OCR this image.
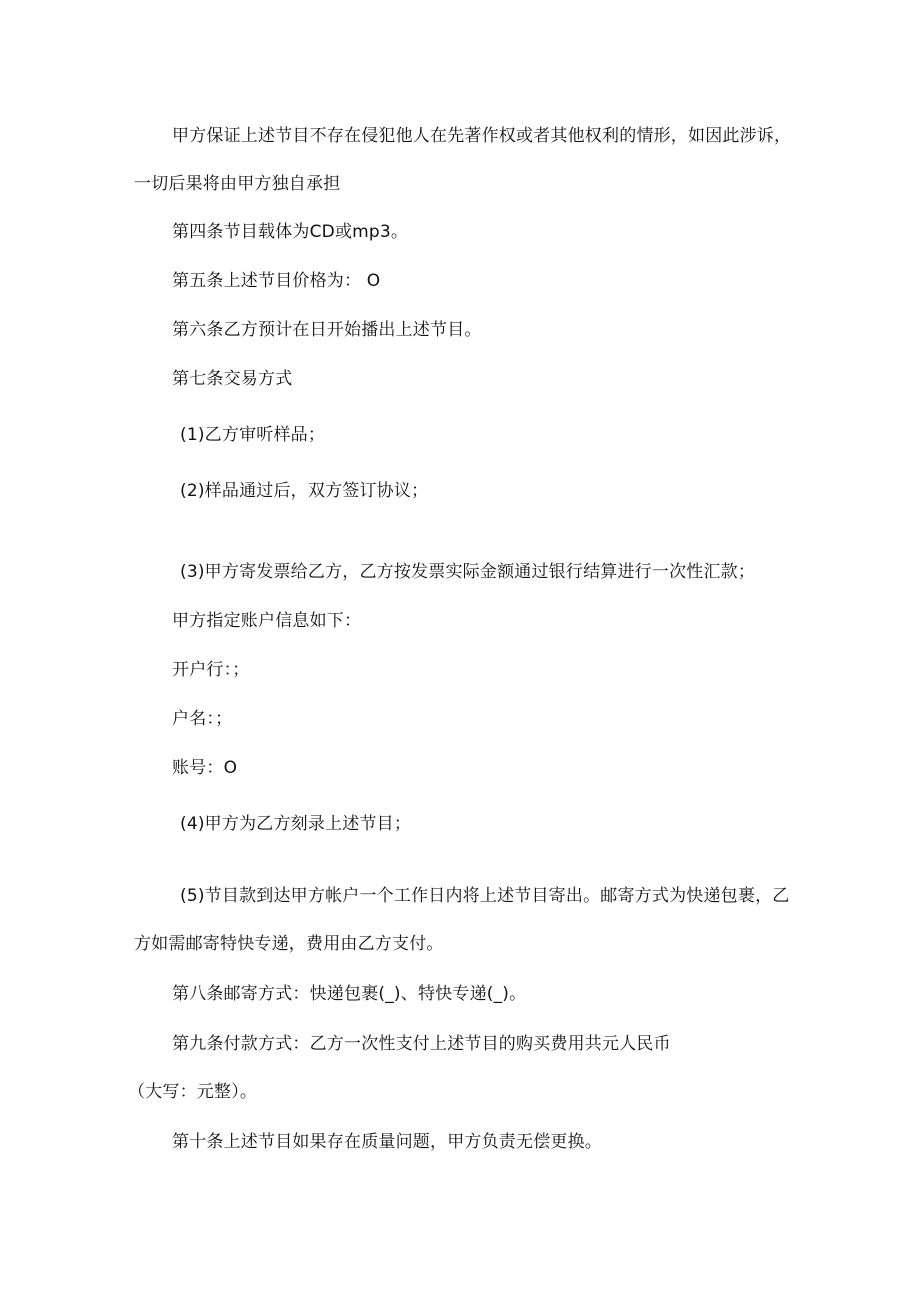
甲方保证上述节目不存在侵犯他人在先著作权或者其他权利的情形，如因此涉诉，
一切后果将由甲方独自承担
第四条节目载体为CD或mp3。
第五条上述节目价格为： O
第六条乙方预计在日开始播出上述节目。
第七条交易方式
(1)乙方审听样品；
(2)样品通过后，双方签订协议；
(3)甲方寄发票给乙方，乙方按发票实际金额通过银行结算进行一次性汇款；
甲方指定账户信息如下：
开户行：；
户名：；
账号：O
(4)甲方为乙方刻录上述节目；
(5)节目款到达甲方帐户一个工作日内将上述节目寄出。邮寄方式为快递包裹，乙
方如需邮寄特快专递，费用由乙方支付。
第八条邮寄方式：快递包裹(_)、特快专递(_)。
第九条付款方式：乙方一次性支付上述节目的购买费用共元人民币
（大写：元整）。
第十条上述节目如果存在质量问题，甲方负责无偿更换。
